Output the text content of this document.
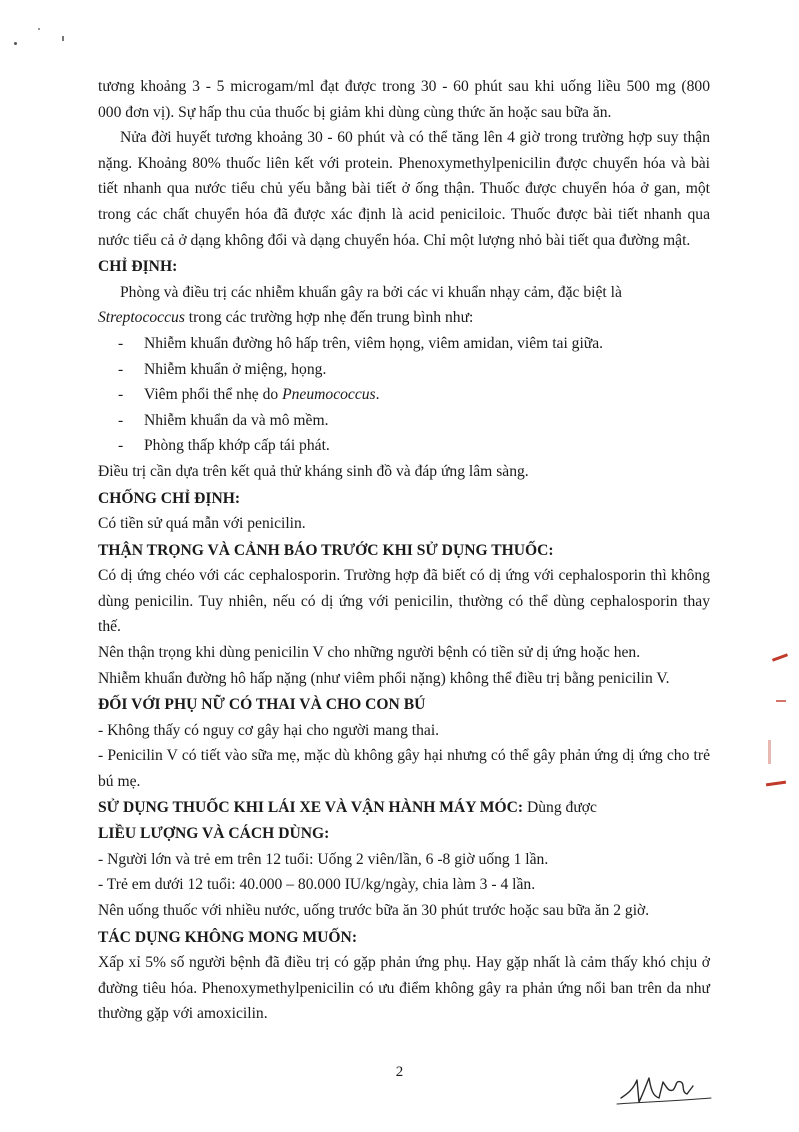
tương khoảng 3 - 5 microgam/ml đạt được trong 30 - 60 phút sau khi uống liều 500 mg (800

000 đơn vị). Sự hấp thu của thuốc bị giảm khi dùng cùng thức ăn hoặc sau bữa ăn.

Nửa đời huyết tương khoảng 30 - 60 phút và có thể tăng lên 4 giờ trong trường hợp suy thận nặng. Khoảng 80% thuốc liên kết với protein. Phenoxymethylpenicilin được chuyển hóa và bài tiết nhanh qua nước tiểu chủ yếu bằng bài tiết ở ống thận. Thuốc được chuyển hóa ở gan, một trong các chất chuyển hóa đã được xác định là acid peniciloic. Thuốc được bài tiết nhanh qua nước tiểu cả ở dạng không đổi và dạng chuyển hóa. Chỉ một lượng nhỏ bài tiết qua đường mật.

CHỈ ĐỊNH:

Phòng và điều trị các nhiễm khuẩn gây ra bởi các vi khuẩn nhạy cảm, đặc biệt là
Streptococcus trong các trường hợp nhẹ đến trung bình như:

-	Nhiễm khuẩn đường hô hấp trên, viêm họng, viêm amidan, viêm tai giữa.
-	Nhiễm khuẩn ở miệng, họng.
-	Viêm phổi thể nhẹ do Pneumococcus.
-	Nhiễm khuẩn da và mô mềm.
-	Phòng thấp khớp cấp tái phát.

Điều trị cần dựa trên kết quả thử kháng sinh đồ và đáp ứng lâm sàng.

CHỐNG CHỈ ĐỊNH:

Có tiền sử quá mẫn với penicilin.

THẬN TRỌNG VÀ CẢNH BÁO TRƯỚC KHI SỬ DỤNG THUỐC:

Có dị ứng chéo với các cephalosporin. Trường hợp đã biết có dị ứng với cephalosporin thì không dùng penicilin. Tuy nhiên, nếu có dị ứng với penicilin, thường có thể dùng cephalosporin thay thế.

Nên thận trọng khi dùng penicilin V cho những người bệnh có tiền sử dị ứng hoặc hen.

Nhiễm khuẩn đường hô hấp nặng (như viêm phổi nặng) không thể điều trị bằng penicilin V.

ĐỐI VỚI PHỤ NỮ CÓ THAI VÀ CHO CON BÚ

- Không thấy có nguy cơ gây hại cho người mang thai.

- Penicilin V có tiết vào sữa mẹ, mặc dù không gây hại nhưng có thể gây phản ứng dị ứng cho trẻ bú mẹ.

SỬ DỤNG THUỐC KHI LÁI XE VÀ VẬN HÀNH MÁY MÓC: Dùng được

LIỀU LƯỢNG VÀ CÁCH DÙNG:

- Người lớn và trẻ em trên 12 tuổi: Uống 2 viên/lần, 6 -8 giờ uống 1 lần.

- Trẻ em dưới 12 tuổi: 40.000 – 80.000 IU/kg/ngày, chia làm 3 - 4 lần.

Nên uống thuốc với nhiều nước, uống trước bữa ăn 30 phút trước hoặc sau bữa ăn 2 giờ.

TÁC DỤNG KHÔNG MONG MUỐN:

Xấp xỉ 5% số người bệnh đã điều trị có gặp phản ứng phụ. Hay gặp nhất là cảm thấy khó chịu ở đường tiêu hóa. Phenoxymethylpenicilin có ưu điểm không gây ra phản ứng nổi ban trên da như thường gặp với amoxicilin.

2
